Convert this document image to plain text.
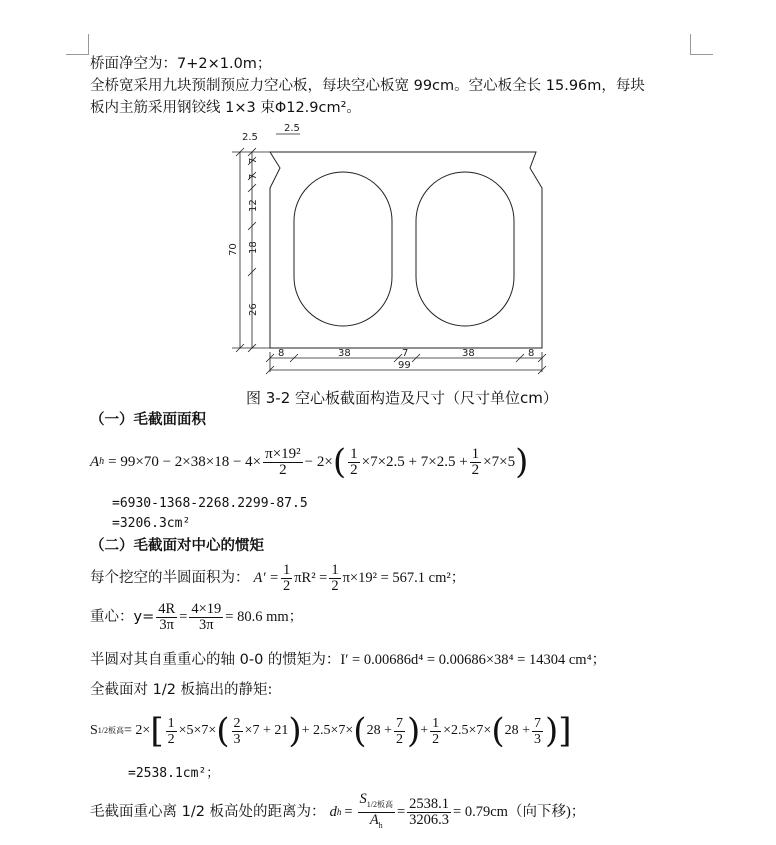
桥面净空为：7+2×1.0m；
全桥宽采用九块预制预应力空心板，每块空心板宽 99cm。空心板全长 15.96m，每块
板内主筋采用钢铰线 1×3 束Φ12.9cm²。
2.5
7
7
12
18
26
70
2.5
8	38	7	38	8
99
图 3-2 空心板截面构造及尺寸（尺寸单位cm）
（一）毛截面面积
A $h = 99\times 70 - 2\times 38\times 18 - 4\times \frac{\text{π×19²}}{2} - 2\times$ ( $\frac{1}{2} \times 7\times 2.5 + 7\times 2.5 + \frac{1}{2} \times 7\times 5$ )
=6930-1368-2268.2299-87.5
=3206.3cm²
（二）毛截面对中心的惯矩
每个挖空的半圆面积为： $A' = \frac{1}{2} \pi R^2 = \frac{1}{2} \pi\times 19^2 = 567.1$ cm²；
重心：$y= \frac{4R}{3\pi} = \frac{4\times 19}{3\pi} = 80.6$ mm；
半圆对其自重重心的轴 0-0 的惯矩为：I′ = 0.00686d⁴ = 0.00686×38⁴ = 14304 cm⁴；
全截面对 1/2 板搞出的静矩:
S 1/2板高 = 2× [ $\frac{1}{2} \times 5\times 7\times$ ( $\frac{2}{3} \times 7 + 21$ ) + 2.5×7× ( $28 + \frac{7}{2}$ ) + $\frac{1}{2} \times 2.5\times 7\times$ ( $28 + \frac{7}{3}$ ) ]
=2538.1cm²；
毛截面重心离 1/2 板高处的距离为： d $h = \frac{S_{1/2板高}}{A_h} = \frac{2538.1}{3206.3} = 0.79cm$（向下移)；
